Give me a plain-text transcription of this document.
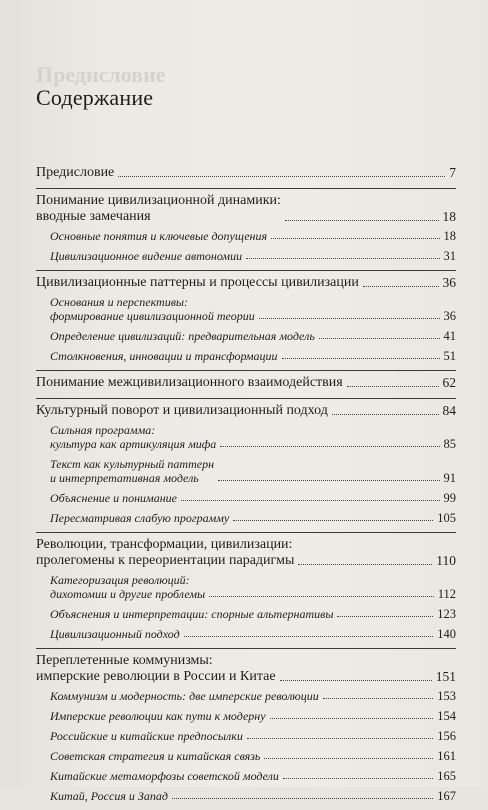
Предисловие
Содержание
Предисловие	7
Понимание цивилизационной динамики:
вводные замечания	18
Основные понятия и ключевые допущения	18
Цивилизационное видение автономии	31
Цивилизационные паттерны и процессы цивилизации	36
Основания и перспективы:
формирование цивилизационной теории	36
Определение цивилизаций: предварительная модель	41
Столкновения, инновации и трансформации	51
Понимание межцивилизационного взаимодействия	62
Культурный поворот и цивилизационный подход	84
Сильная программа:
культура как артикуляция мифа	85
Текст как культурный паттерн
и интерпретативная модель	91
Объяснение и понимание	99
Пересматривая слабую программу	105
Революции, трансформации, цивилизации:
пролегомены к переориентации парадигмы	110
Категоризация революций:
дихотомии и другие проблемы	112
Объяснения и интерпретации: спорные альтернативы	123
Цивилизационный подход	140
Переплетенные коммунизмы:
имперские революции в России и Китае	151
Коммунизм и модерность: две имперские революции	153
Имперские революции как пути к модерну	154
Российские и китайские предпосылки	156
Советская стратегия и китайская связь	161
Китайские метаморфозы советской модели	165
Китай, Россия и Запад	167
